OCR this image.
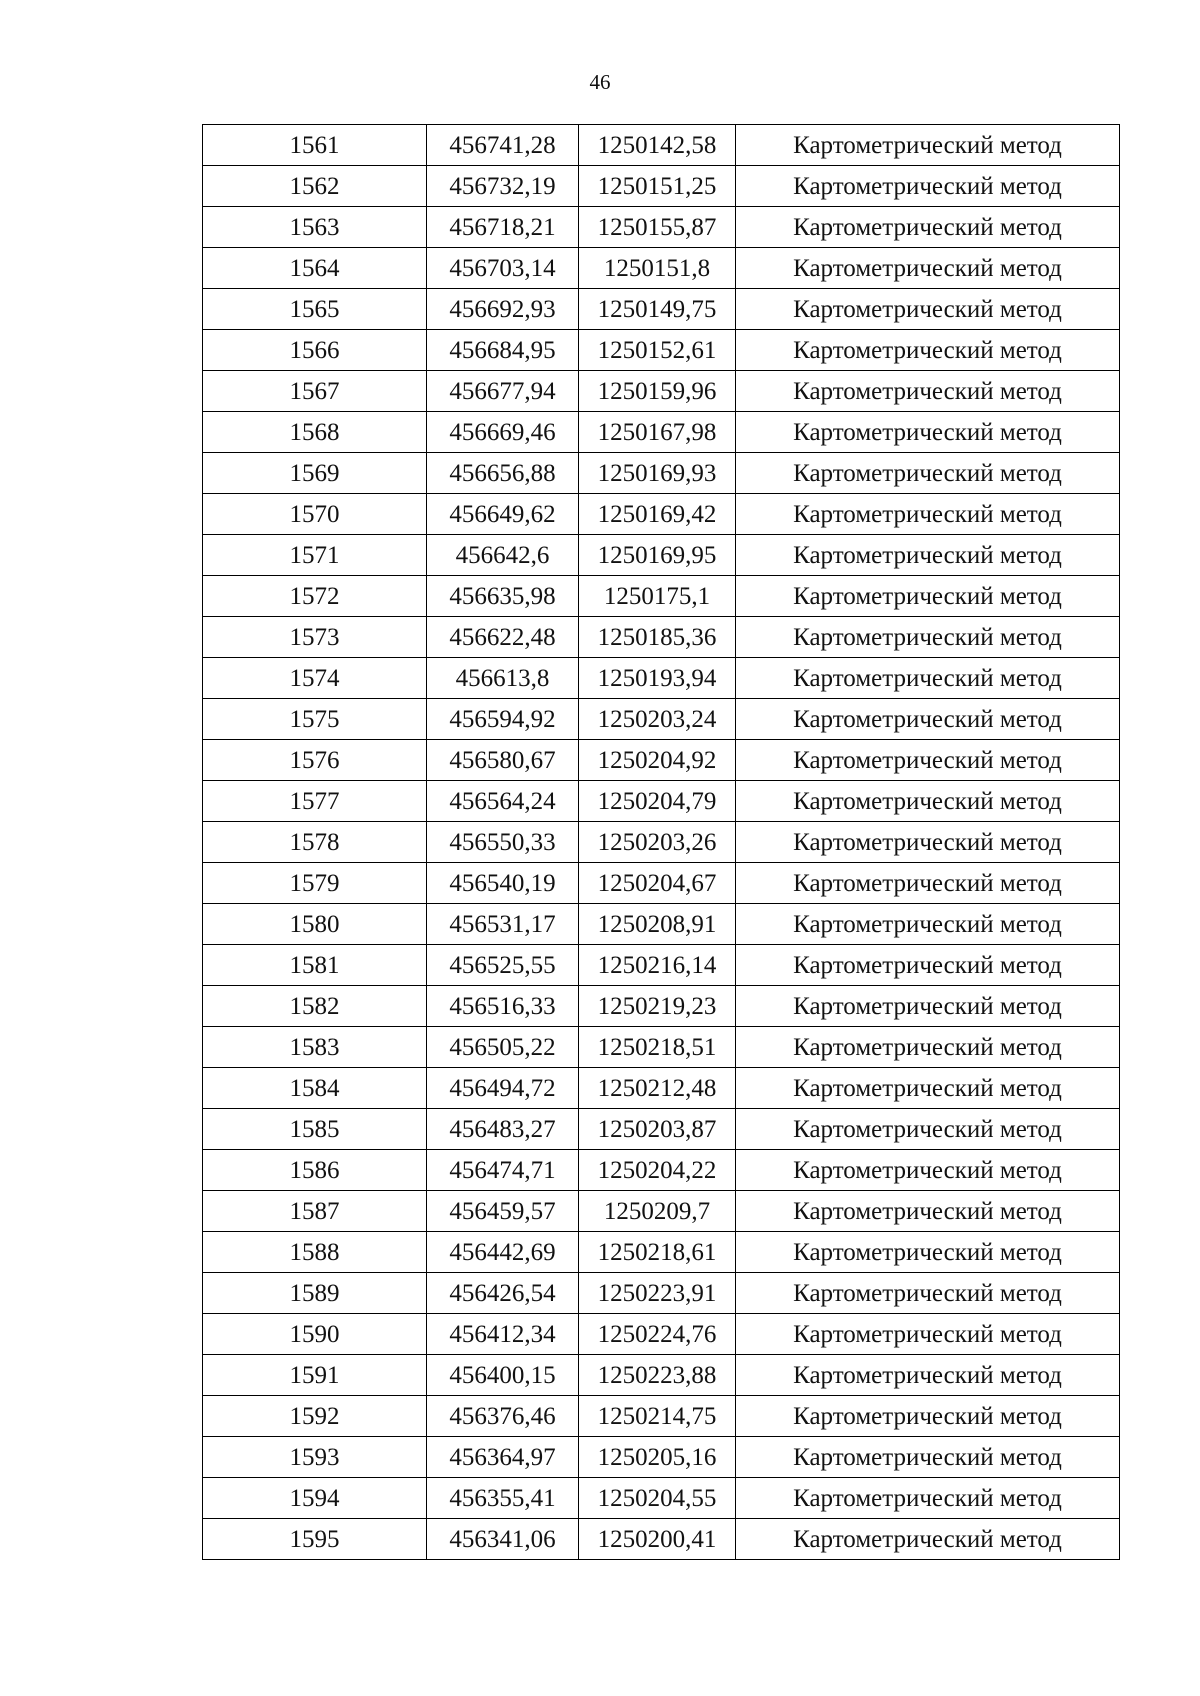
46
1561	456741,28	1250142,58	Картометрический метод
1562	456732,19	1250151,25	Картометрический метод
1563	456718,21	1250155,87	Картометрический метод
1564	456703,14	1250151,8	Картометрический метод
1565	456692,93	1250149,75	Картометрический метод
1566	456684,95	1250152,61	Картометрический метод
1567	456677,94	1250159,96	Картометрический метод
1568	456669,46	1250167,98	Картометрический метод
1569	456656,88	1250169,93	Картометрический метод
1570	456649,62	1250169,42	Картометрический метод
1571	456642,6	1250169,95	Картометрический метод
1572	456635,98	1250175,1	Картометрический метод
1573	456622,48	1250185,36	Картометрический метод
1574	456613,8	1250193,94	Картометрический метод
1575	456594,92	1250203,24	Картометрический метод
1576	456580,67	1250204,92	Картометрический метод
1577	456564,24	1250204,79	Картометрический метод
1578	456550,33	1250203,26	Картометрический метод
1579	456540,19	1250204,67	Картометрический метод
1580	456531,17	1250208,91	Картометрический метод
1581	456525,55	1250216,14	Картометрический метод
1582	456516,33	1250219,23	Картометрический метод
1583	456505,22	1250218,51	Картометрический метод
1584	456494,72	1250212,48	Картометрический метод
1585	456483,27	1250203,87	Картометрический метод
1586	456474,71	1250204,22	Картометрический метод
1587	456459,57	1250209,7	Картометрический метод
1588	456442,69	1250218,61	Картометрический метод
1589	456426,54	1250223,91	Картометрический метод
1590	456412,34	1250224,76	Картометрический метод
1591	456400,15	1250223,88	Картометрический метод
1592	456376,46	1250214,75	Картометрический метод
1593	456364,97	1250205,16	Картометрический метод
1594	456355,41	1250204,55	Картометрический метод
1595	456341,06	1250200,41	Картометрический метод
